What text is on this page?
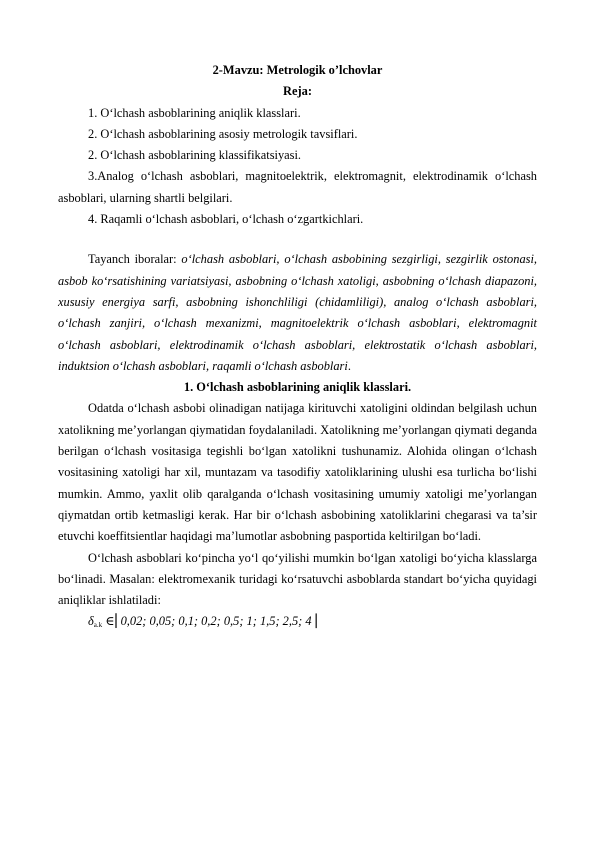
2-Mavzu: Metrologik o’lchovlar

Reja:

1. O‘lchash asboblarining aniqlik klasslari.

2. O‘lchash asboblarining asosiy metrologik tavsiflari.

2. O‘lchash asboblarining klassifikatsiyasi.

3.Analog o‘lchash asboblari, magnitoelektrik, elektromagnit, elektrodinamik o‘lchash asboblari, ularning shartli belgilari.

4. Raqamli o‘lchash asboblari, o‘lchash o‘zgartkichlari.

Tayanch iboralar: o‘lchash asboblari, o‘lchash asbobining sezgirligi, sezgirlik ostonasi, asbob ko‘rsatishining variatsiyasi, asbobning o‘lchash xatoligi, asbobning o‘lchash diapazoni, xususiy energiya sarfi, asbobning ishonchliligi (chidamliligi), analog o‘lchash asboblari, o‘lchash zanjiri, o‘lchash mexanizmi, magnitoelektrik o‘lchash asboblari, elektromagnit o‘lchash asboblari, elektrodinamik o‘lchash asboblari, elektrostatik o‘lchash asboblari, induktsion o‘lchash asboblari, raqamli o‘lchash asboblari.

1. O‘lchash asboblarining aniqlik klasslari.

Odatda o‘lchash asbobi olinadigan natijaga kirituvchi xatoligini oldindan belgilash uchun xatolikning me’yorlangan qiymatidan foydalaniladi. Xatolikning me’yorlangan qiymati deganda berilgan o‘lchash vositasiga tegishli bo‘lgan xatolikni tushunamiz. Alohida olingan o‘lchash vositasining xatoligi har xil, muntazam va tasodifiy xatoliklarining ulushi esa turlicha bo‘lishi mumkin. Ammo, yaxlit olib qaralganda o‘lchash vositasining umumiy xatoligi me’yorlangan qiymatdan ortib ketmasligi kerak. Har bir o‘lchash asbobining xatoliklarini chegarasi va ta’sir etuvchi koeffitsientlar haqidagi ma’lumotlar asbobning pasportida keltirilgan bo‘ladi.

O‘lchash asboblari ko‘pincha yo‘l qo‘yilishi mumkin bo‘lgan xatoligi bo‘yicha klasslarga bo‘linadi. Masalan: elektromexanik turidagi ko‘rsatuvchi asboblarda standart bo‘yicha quyidagi aniqliklar ishlatiladi:

δa.k ∈⎢0,02; 0,05; 0,1; 0,2; 0,5; 1; 1,5; 2,5; 4⎥
